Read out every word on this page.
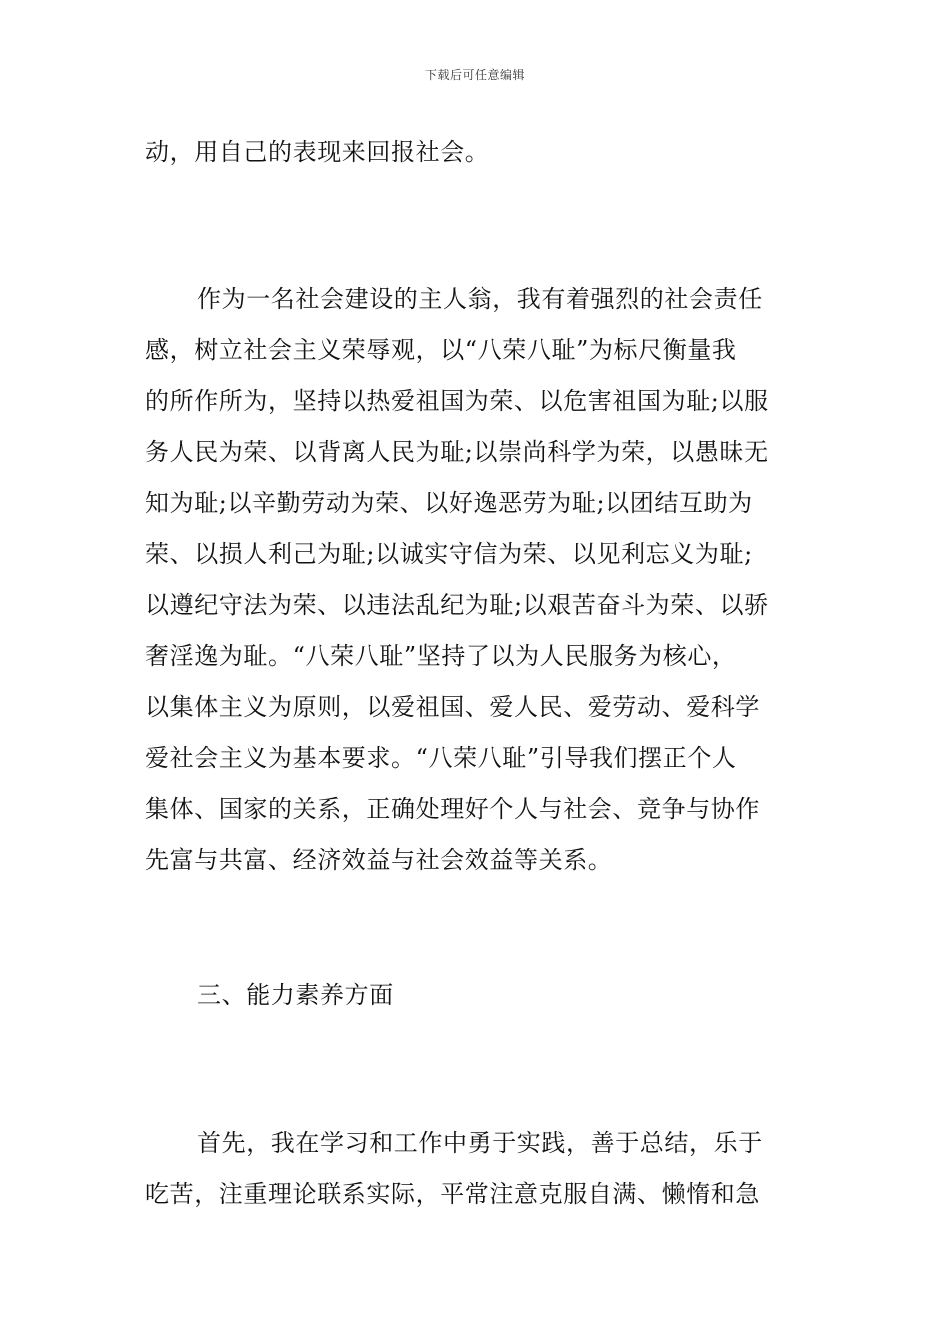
下载后可任意编辑
动，用自己的表现来回报社会。
作为一名社会建设的主人翁，我有着强烈的社会责任
感，树立社会主义荣辱观，以“八荣八耻”为标尺衡量我
的所作所为，坚持以热爱祖国为荣、以危害祖国为耻;以服
务人民为荣、以背离人民为耻;以崇尚科学为荣，以愚昧无
知为耻;以辛勤劳动为荣、以好逸恶劳为耻;以团结互助为
荣、以损人利己为耻;以诚实守信为荣、以见利忘义为耻;
以遵纪守法为荣、以违法乱纪为耻;以艰苦奋斗为荣、以骄
奢淫逸为耻。“八荣八耻”坚持了以为人民服务为核心，
以集体主义为原则，以爱祖国、爱人民、爱劳动、爱科学
爱社会主义为基本要求。“八荣八耻”引导我们摆正个人
集体、国家的关系，正确处理好个人与社会、竞争与协作
先富与共富、经济效益与社会效益等关系。
三、能力素养方面
首先，我在学习和工作中勇于实践，善于总结，乐于
吃苦，注重理论联系实际，平常注意克服自满、懒惰和急
